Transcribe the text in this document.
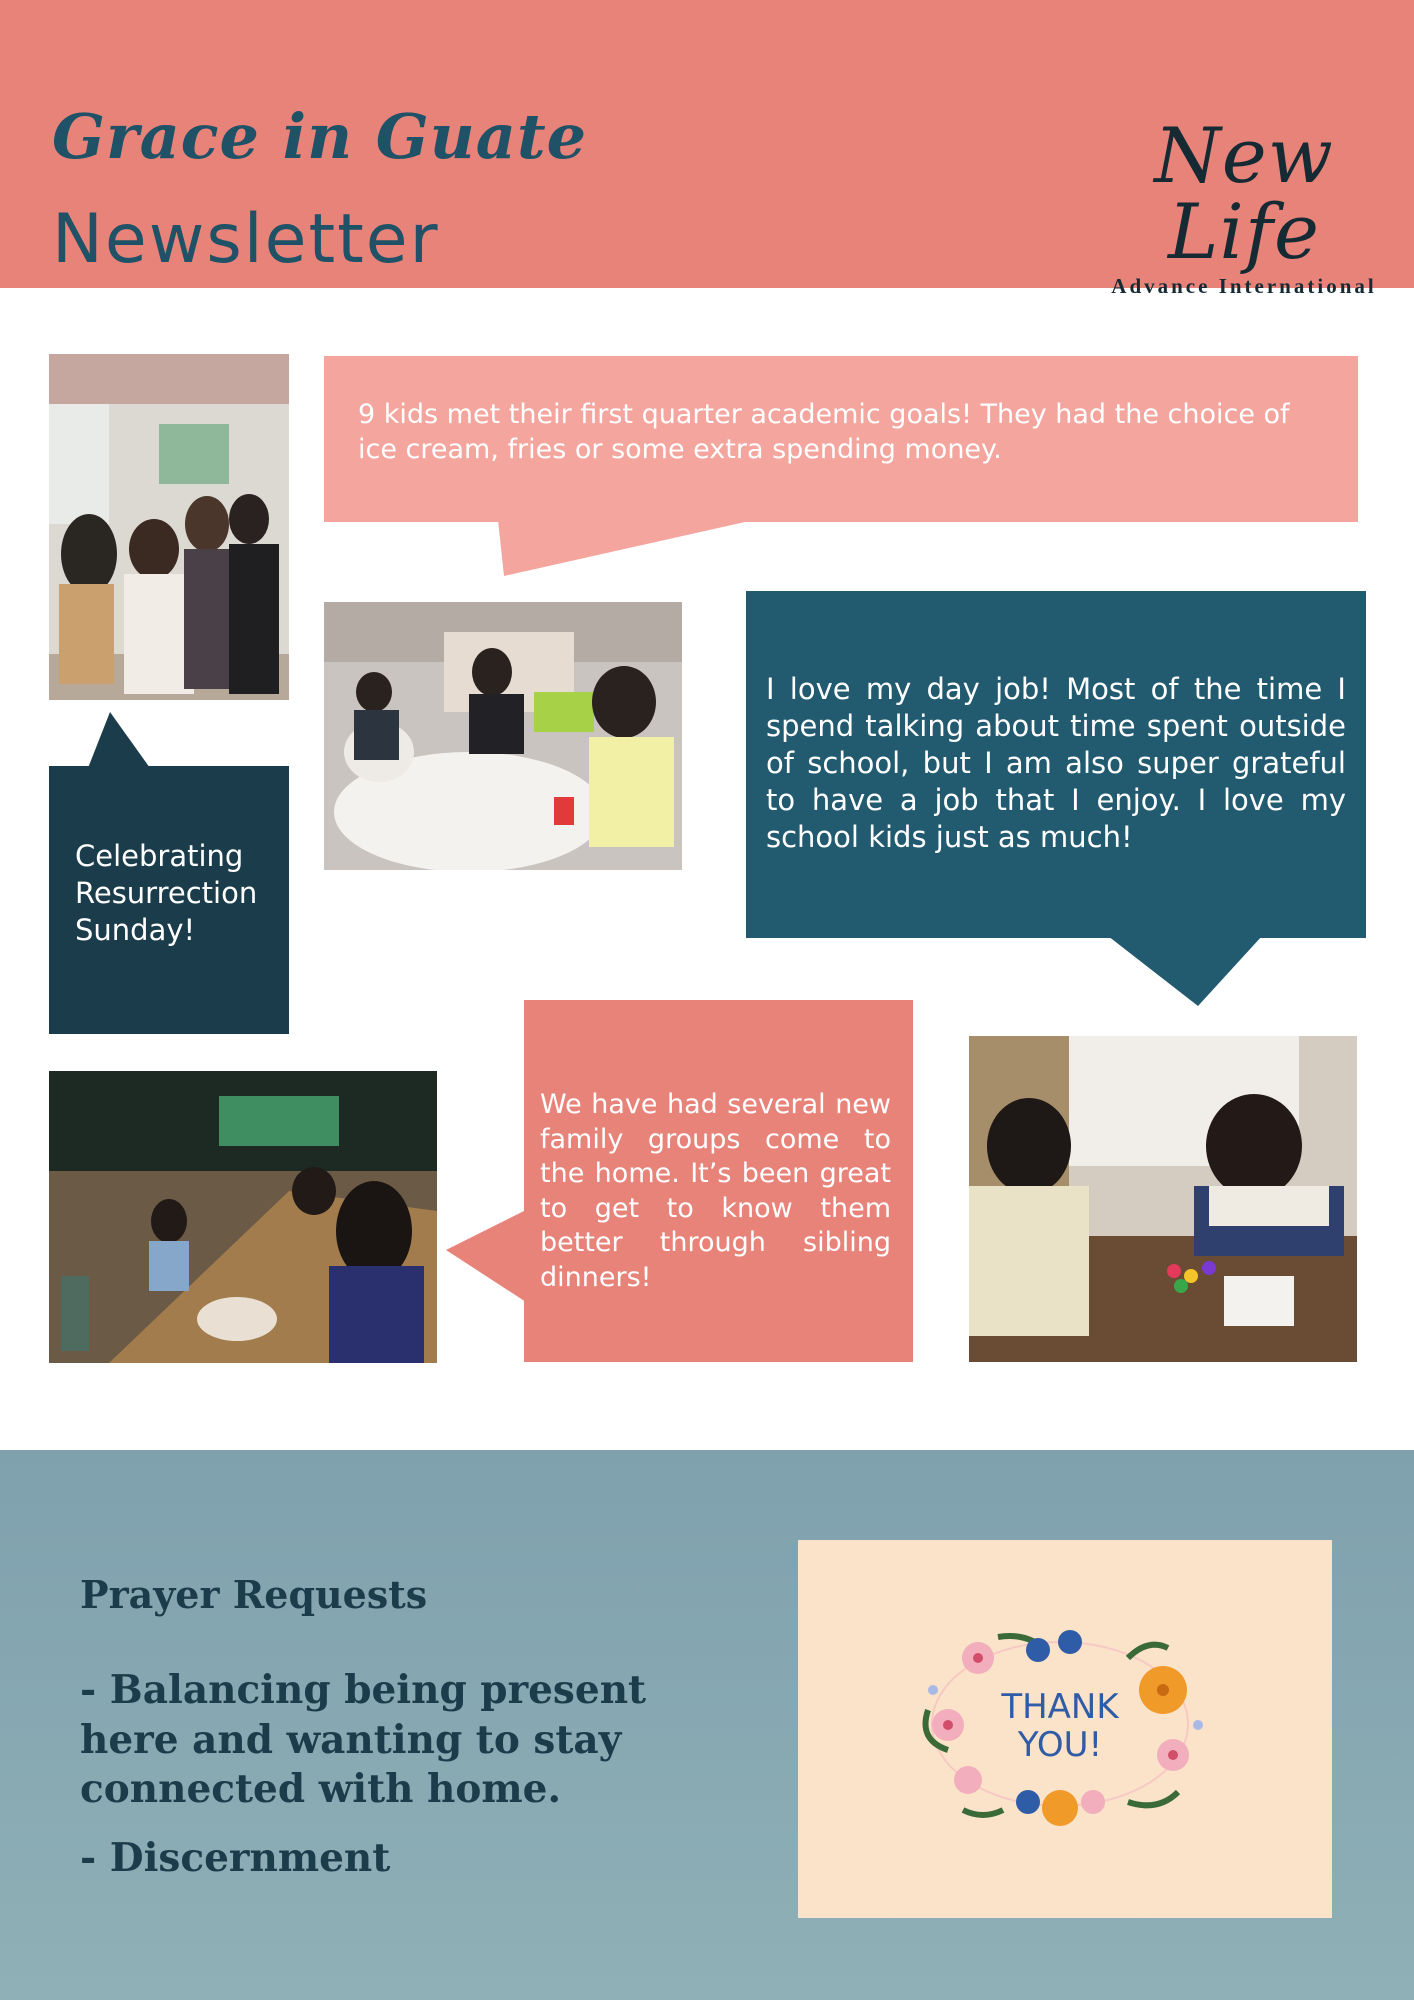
Grace in Guate
Newsletter
New Life
Advance International

9 kids met their first quarter academic goals! They had the choice of ice cream, fries or some extra spending money.

I love my day job! Most of the time I spend talking about time spent outside of school, but I am also super grateful to have a job that I enjoy. I love my school kids just as much!

Celebrating Resurrection Sunday!

We have had several new family groups come to the home. It’s been great to get to know them better through sibling dinners!

Prayer Requests
- Balancing being present here and wanting to stay connected with home.
- Discernment
THANK
YOU!
